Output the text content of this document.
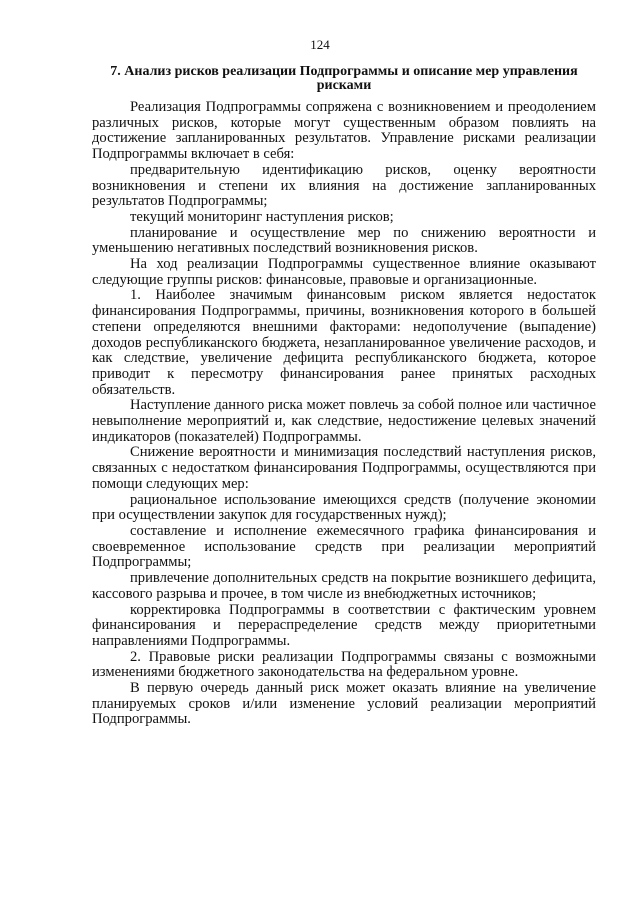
124
7. Анализ рисков реализации Подпрограммы и описание мер управления рисками

Реализация Подпрограммы сопряжена с возникновением и преодолением различных рисков, которые могут существенным образом повлиять на достижение запланированных результатов. Управление рисками реализации Подпрограммы включает в себя:

предварительную идентификацию рисков, оценку вероятности возникновения и степени их влияния на достижение запланированных результатов Подпрограммы;

текущий мониторинг наступления рисков;

планирование и осуществление мер по снижению вероятности и уменьшению негативных последствий возникновения рисков.

На ход реализации Подпрограммы существенное влияние оказывают следующие группы рисков: финансовые, правовые и организационные.

1. Наиболее значимым финансовым риском является недостаток финансирования Подпрограммы, причины, возникновения которого в большей степени определяются внешними факторами: недополучение (выпадение) доходов республиканского бюджета, незапланированное увеличение расходов, и как следствие, увеличение дефицита республиканского бюджета, которое приводит к пересмотру финансирования ранее принятых расходных обязательств.

Наступление данного риска может повлечь за собой полное или частичное невыполнение мероприятий и, как следствие, недостижение целевых значений индикаторов (показателей) Подпрограммы.

Снижение вероятности и минимизация последствий наступления рисков, связанных с недостатком финансирования Подпрограммы, осуществляются при помощи следующих мер:

рациональное использование имеющихся средств (получение экономии при осуществлении закупок для государственных нужд);

составление и исполнение ежемесячного графика финансирования и своевременное использование средств при реализации мероприятий Подпрограммы;

привлечение дополнительных средств на покрытие возникшего дефицита, кассового разрыва и прочее, в том числе из внебюджетных источников;

корректировка Подпрограммы в соответствии с фактическим уровнем финансирования и перераспределение средств между приоритетными направлениями Подпрограммы.

2. Правовые риски реализации Подпрограммы связаны с возможными изменениями бюджетного законодательства на федеральном уровне.

В первую очередь данный риск может оказать влияние на увеличение планируемых сроков и/или изменение условий реализации мероприятий Подпрограммы.
